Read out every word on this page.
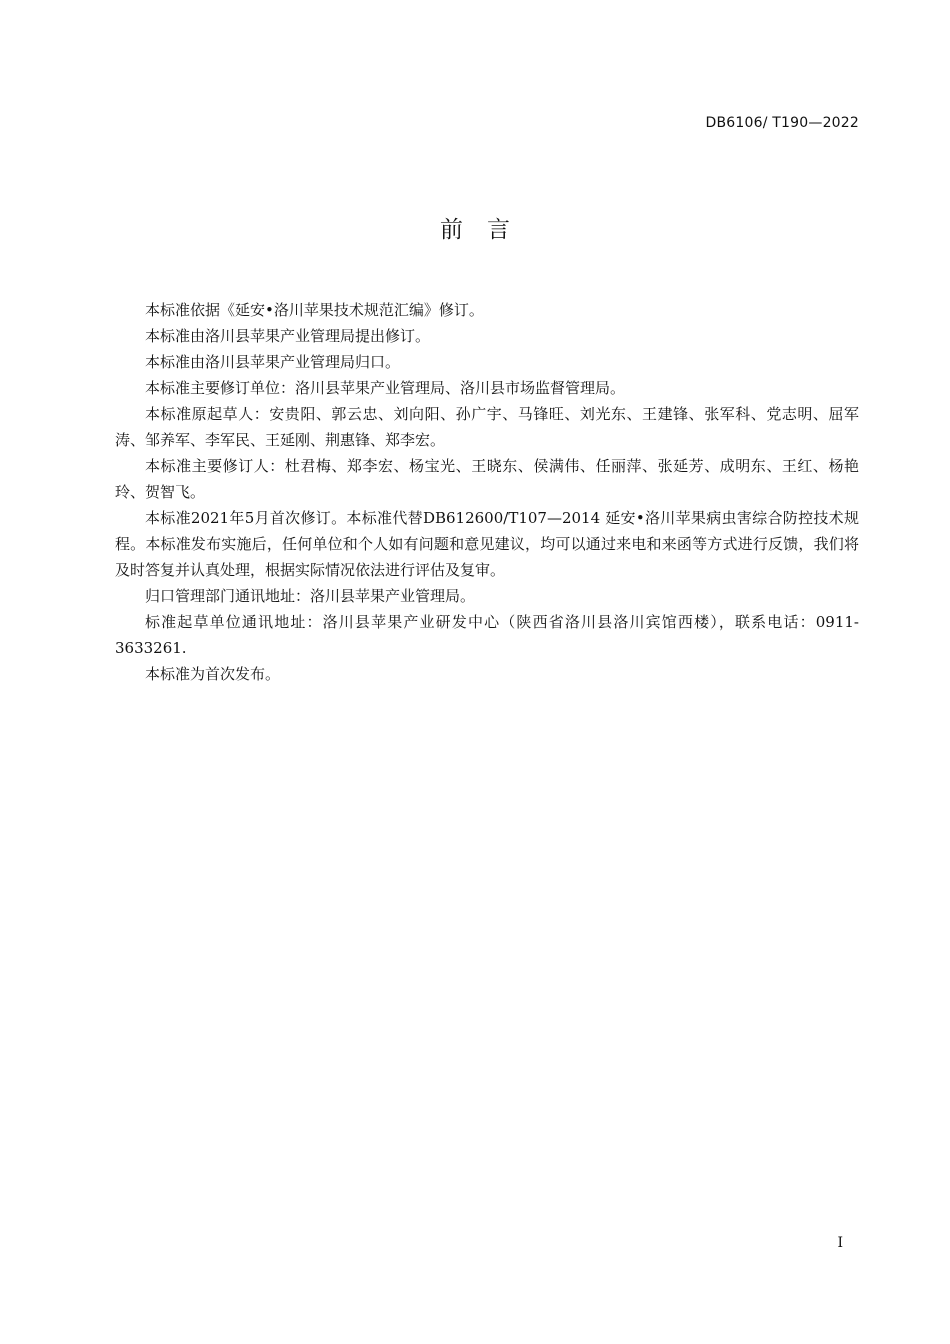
DB6106/ T190—2022
前言

本标准依据《延安•洛川苹果技术规范汇编》修订。

本标准由洛川县苹果产业管理局提出修订。

本标准由洛川县苹果产业管理局归口。

本标准主要修订单位：洛川县苹果产业管理局、洛川县市场监督管理局。

本标准原起草人：安贵阳、郭云忠、刘向阳、孙广宇、马锋旺、刘光东、王建锋、张军科、党志明、屈军涛、邹养军、李军民、王延刚、荆惠锋、郑李宏。

本标准主要修订人：杜君梅、郑李宏、杨宝光、王晓东、侯满伟、任丽萍、张延芳、成明东、王红、杨艳玲、贺智飞。

本标准2021年5月首次修订。本标准代替DB612600/T107—2014 延安•洛川苹果病虫害综合防控技术规程。本标准发布实施后，任何单位和个人如有问题和意见建议，均可以通过来电和来函等方式进行反馈，我们将及时答复并认真处理，根据实际情况依法进行评估及复审。

归口管理部门通讯地址：洛川县苹果产业管理局。

标准起草单位通讯地址：洛川县苹果产业研发中心（陕西省洛川县洛川宾馆西楼），联系电话：0911-3633261.

本标准为首次发布。

I
